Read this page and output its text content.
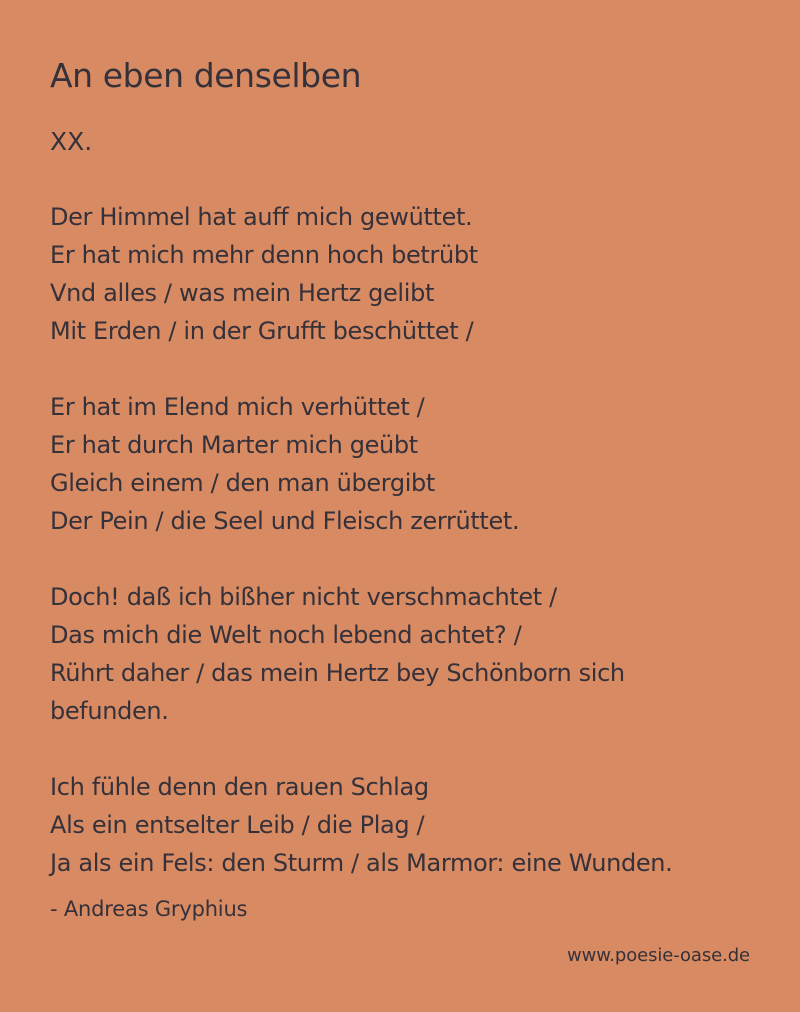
An eben denselben
XX.
Der Himmel hat auff mich gewüttet.
Er hat mich mehr denn hoch betrübt
Vnd alles / was mein Hertz gelibt
Mit Erden / in der Grufft beschüttet /
Er hat im Elend mich verhüttet /
Er hat durch Marter mich geübt
Gleich einem / den man übergibt
Der Pein / die Seel und Fleisch zerrüttet.
Doch! daß ich bißher nicht verschmachtet /
Das mich die Welt noch lebend achtet? /
Rührt daher / das mein Hertz bey Schönborn sich
befunden.
Ich fühle denn den rauen Schlag
Als ein entselter Leib / die Plag /
Ja als ein Fels: den Sturm / als Marmor: eine Wunden.
- Andreas Gryphius
www.poesie-oase.de
